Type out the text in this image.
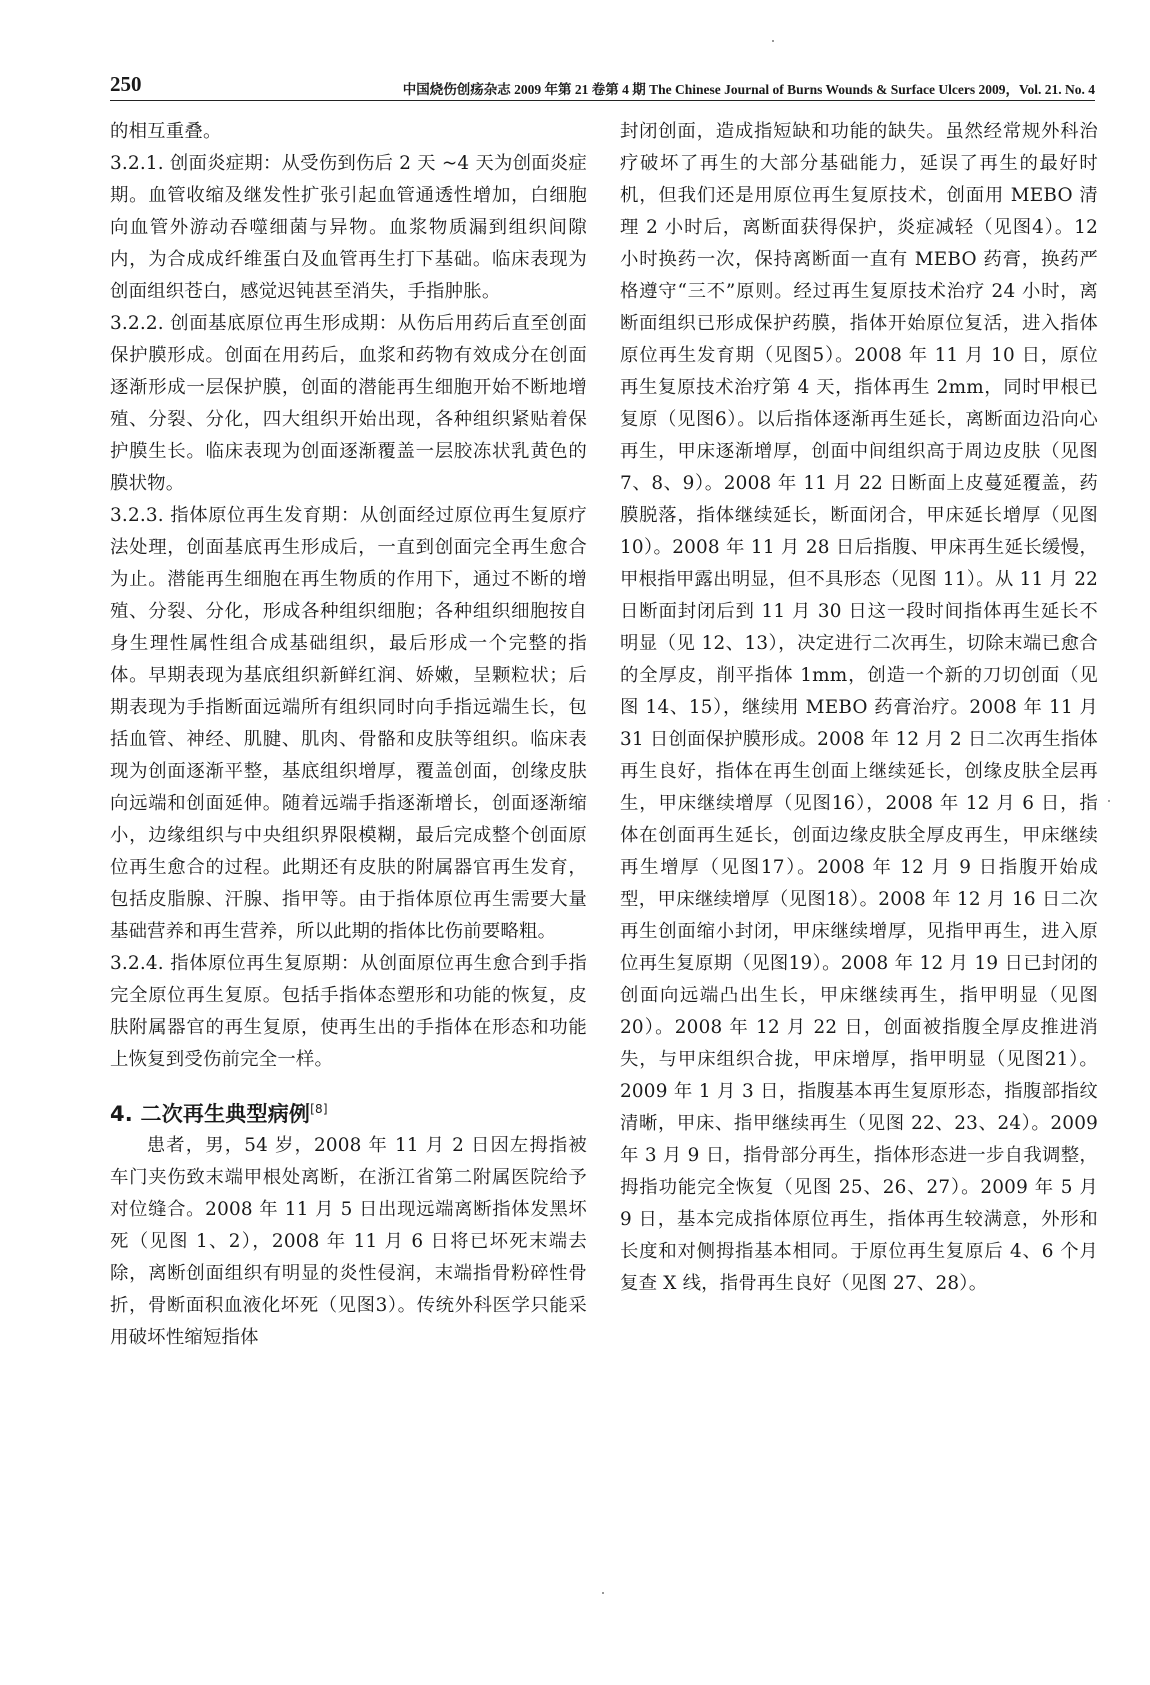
250	中国烧伤创疡杂志 2009 年第 21 卷第 4 期 The Chinese Journal of Burns Wounds & Surface Ulcers 2009，Vol. 21. No. 4

的相互重叠。

3.2.1. 创面炎症期：从受伤到伤后 2 天 ~4 天为创面炎症期。血管收缩及继发性扩张引起血管通透性增加，白细胞向血管外游动吞噬细菌与异物。血浆物质漏到组织间隙内，为合成成纤维蛋白及血管再生打下基础。临床表现为创面组织苍白，感觉迟钝甚至消失，手指肿胀。

3.2.2. 创面基底原位再生形成期：从伤后用药后直至创面保护膜形成。创面在用药后，血浆和药物有效成分在创面逐渐形成一层保护膜，创面的潜能再生细胞开始不断地增殖、分裂、分化，四大组织开始出现，各种组织紧贴着保护膜生长。临床表现为创面逐渐覆盖一层胶冻状乳黄色的膜状物。

3.2.3. 指体原位再生发育期：从创面经过原位再生复原疗法处理，创面基底再生形成后，一直到创面完全再生愈合为止。潜能再生细胞在再生物质的作用下，通过不断的增殖、分裂、分化，形成各种组织细胞；各种组织细胞按自身生理性属性组合成基础组织，最后形成一个完整的指体。早期表现为基底组织新鲜红润、娇嫩，呈颗粒状；后期表现为手指断面远端所有组织同时向手指远端生长，包括血管、神经、肌腱、肌肉、骨骼和皮肤等组织。临床表现为创面逐渐平整，基底组织增厚，覆盖创面，创缘皮肤向远端和创面延伸。随着远端手指逐渐增长，创面逐渐缩小，边缘组织与中央组织界限模糊，最后完成整个创面原位再生愈合的过程。此期还有皮肤的附属器官再生发育，包括皮脂腺、汗腺、指甲等。由于指体原位再生需要大量基础营养和再生营养，所以此期的指体比伤前要略粗。

3.2.4. 指体原位再生复原期：从创面原位再生愈合到手指完全原位再生复原。包括手指体态塑形和功能的恢复，皮肤附属器官的再生复原，使再生出的手指体在形态和功能上恢复到受伤前完全一样。

4. 二次再生典型病例[8]

患者，男，54 岁，2008 年 11 月 2 日因左拇指被车门夹伤致末端甲根处离断，在浙江省第二附属医院给予对位缝合。2008 年 11 月 5 日出现远端离断指体发黑坏死（见图 1、2），2008 年 11 月 6 日将已坏死末端去除，离断创面组织有明显的炎性侵润，末端指骨粉碎性骨折，骨断面积血液化坏死（见图3）。传统外科医学只能采用破坏性缩短指体

封闭创面，造成指短缺和功能的缺失。虽然经常规外科治疗破坏了再生的大部分基础能力，延误了再生的最好时机，但我们还是用原位再生复原技术，创面用 MEBO 清理 2 小时后，离断面获得保护，炎症减轻（见图4）。12 小时换药一次，保持离断面一直有 MEBO 药膏，换药严格遵守“三不”原则。经过再生复原技术治疗 24 小时，离断面组织已形成保护药膜，指体开始原位复活，进入指体原位再生发育期（见图5）。2008 年 11 月 10 日，原位再生复原技术治疗第 4 天，指体再生 2mm，同时甲根已复原（见图6）。以后指体逐渐再生延长，离断面边沿向心再生，甲床逐渐增厚，创面中间组织高于周边皮肤（见图 7、8、9）。2008 年 11 月 22 日断面上皮蔓延覆盖，药膜脱落，指体继续延长，断面闭合，甲床延长增厚（见图 10）。2008 年 11 月 28 日后指腹、甲床再生延长缓慢，甲根指甲露出明显，但不具形态（见图 11）。从 11 月 22 日断面封闭后到 11 月 30 日这一段时间指体再生延长不明显（见 12、13），决定进行二次再生，切除末端已愈合的全厚皮，削平指体 1mm，创造一个新的刀切创面（见图 14、15），继续用 MEBO 药膏治疗。2008 年 11 月 31 日创面保护膜形成。2008 年 12 月 2 日二次再生指体再生良好，指体在再生创面上继续延长，创缘皮肤全层再生，甲床继续增厚（见图16），2008 年 12 月 6 日，指体在创面再生延长，创面边缘皮肤全厚皮再生，甲床继续再生增厚（见图17）。2008 年 12 月 9 日指腹开始成型，甲床继续增厚（见图18）。2008 年 12 月 16 日二次再生创面缩小封闭，甲床继续增厚，见指甲再生，进入原位再生复原期（见图19）。2008 年 12 月 19 日已封闭的创面向远端凸出生长，甲床继续再生，指甲明显（见图20）。2008 年 12 月 22 日，创面被指腹全厚皮推进消失，与甲床组织合拢，甲床增厚，指甲明显（见图21）。2009 年 1 月 3 日，指腹基本再生复原形态，指腹部指纹清晰，甲床、指甲继续再生（见图 22、23、24）。2009 年 3 月 9 日，指骨部分再生，指体形态进一步自我调整，拇指功能完全恢复（见图 25、26、27）。2009 年 5 月 9 日，基本完成指体原位再生，指体再生较满意，外形和长度和对侧拇指基本相同。于原位再生复原后 4、6 个月复查 X 线，指骨再生良好（见图 27、28）。
